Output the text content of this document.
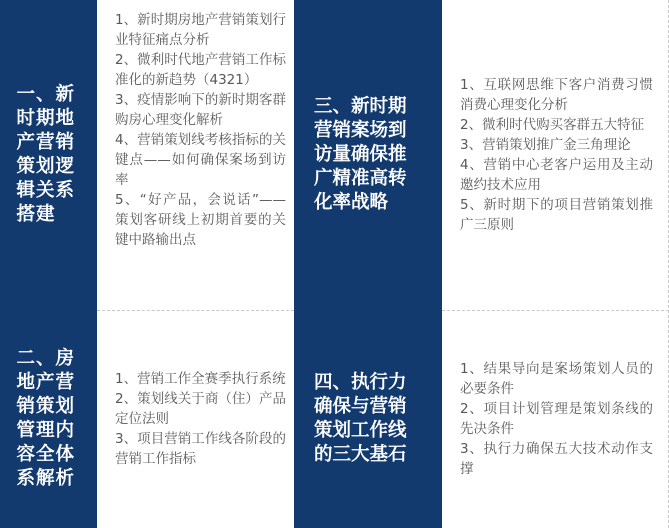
一、新时期地产营销策划逻辑关系搭建

1、新时期房地产营销策划行业特征痛点分析

2、微利时代地产营销工作标准化的新趋势（4321）

3、疫情影响下的新时期客群购房心理变化解析

4、营销策划线考核指标的关键点——如何确保案场到访率

5、“好产品，会说话”——策划客研线上初期首要的关键中路输出点

三、新时期营销案场到访量确保推广精准高转化率战略

1、互联网思维下客户消费习惯消费心理变化分析

2、微利时代购买客群五大特征

3、营销策划推广金三角理论

4、营销中心老客户运用及主动邀约技术应用

5、新时期下的项目营销策划推广三原则

二、房地产营销策划管理内容全体系解析

1、营销工作全赛季执行系统

2、策划线关于商（住）产品定位法则

3、项目营销工作线各阶段的营销工作指标

四、执行力确保与营销策划工作线的三大基石

1、结果导向是案场策划人员的必要条件

2、项目计划管理是策划条线的先决条件

3、执行力确保五大技术动作支撑
